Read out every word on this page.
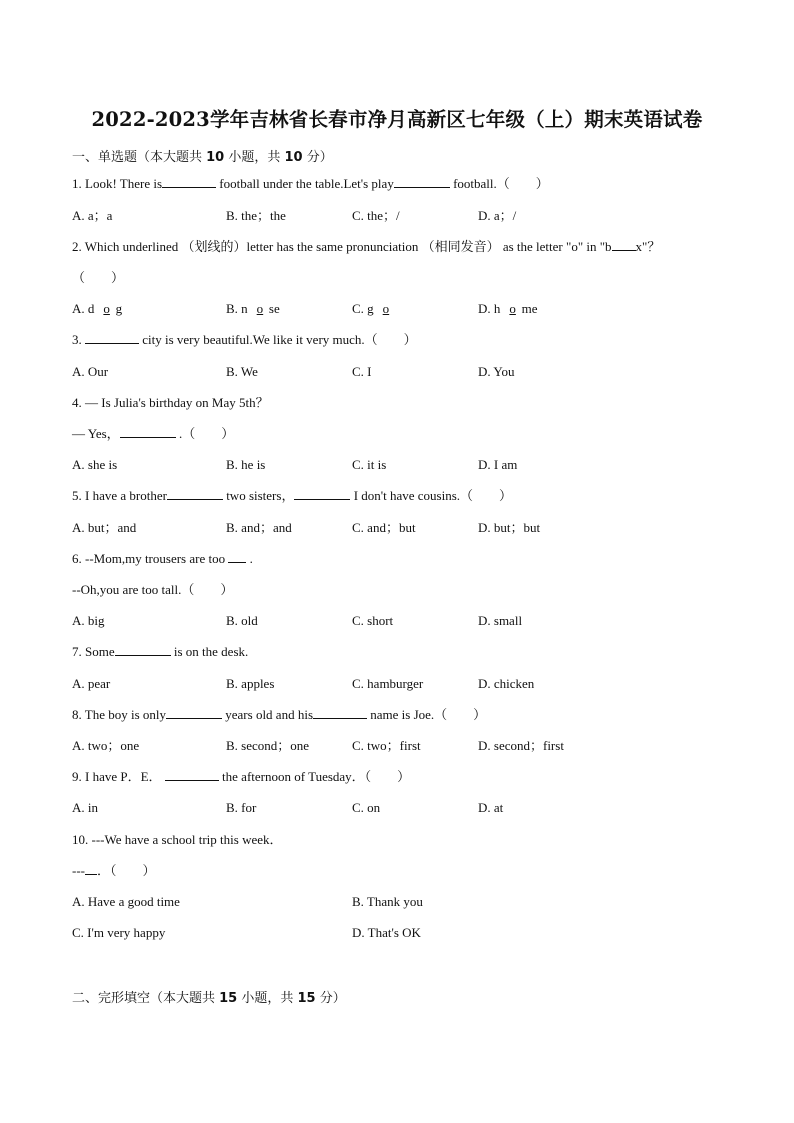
2022-2023学年吉林省长春市净月高新区七年级（上）期末英语试卷
一、单选题（本大题共 10 小题，共 10 分）
1. Look! There is	football under the table.Let's play	football.（　　）
A. a；a	B. the；the	C. the；/	D. a；/
2. Which underlined （划线的）letter has the same pronunciation （相同发音） as the letter "o" in "b x"？
（　　）
A. d o g	B. n o se	C. g o	D. h o me
3.	city is very beautiful.We like it very much.（　　）
A. Our	B. We	C. I	D. You
4. — Is Julia's birthday on May 5th？
— Yes，	.（　　）
A. she is	B. he is	C. it is	D. I am
5. I have a brother	two sisters，	I don't have cousins.（　　）
A. but；and	B. and；and	C. and；but	D. but；but
6. --Mom,my trousers are too  .
--Oh,you are too tall.（　　）
A. big	B. old	C. short	D. small
7. Some	is on the desk.
A. pear	B. apples	C. hamburger	D. chicken
8. The boy is only	years old and his	name is Joe.（　　）
A. two；one	B. second；one	C. two；first	D. second；first
9. I have P．E．	the afternoon of Tuesday．（　　）
A. in	B. for	C. on	D. at
10. ---We have a school trip this week．
--- ．（　　）
A. Have a good time	B. Thank you
C. I'm very happy	D. That's OK
二、完形填空（本大题共 15 小题，共 15 分）
